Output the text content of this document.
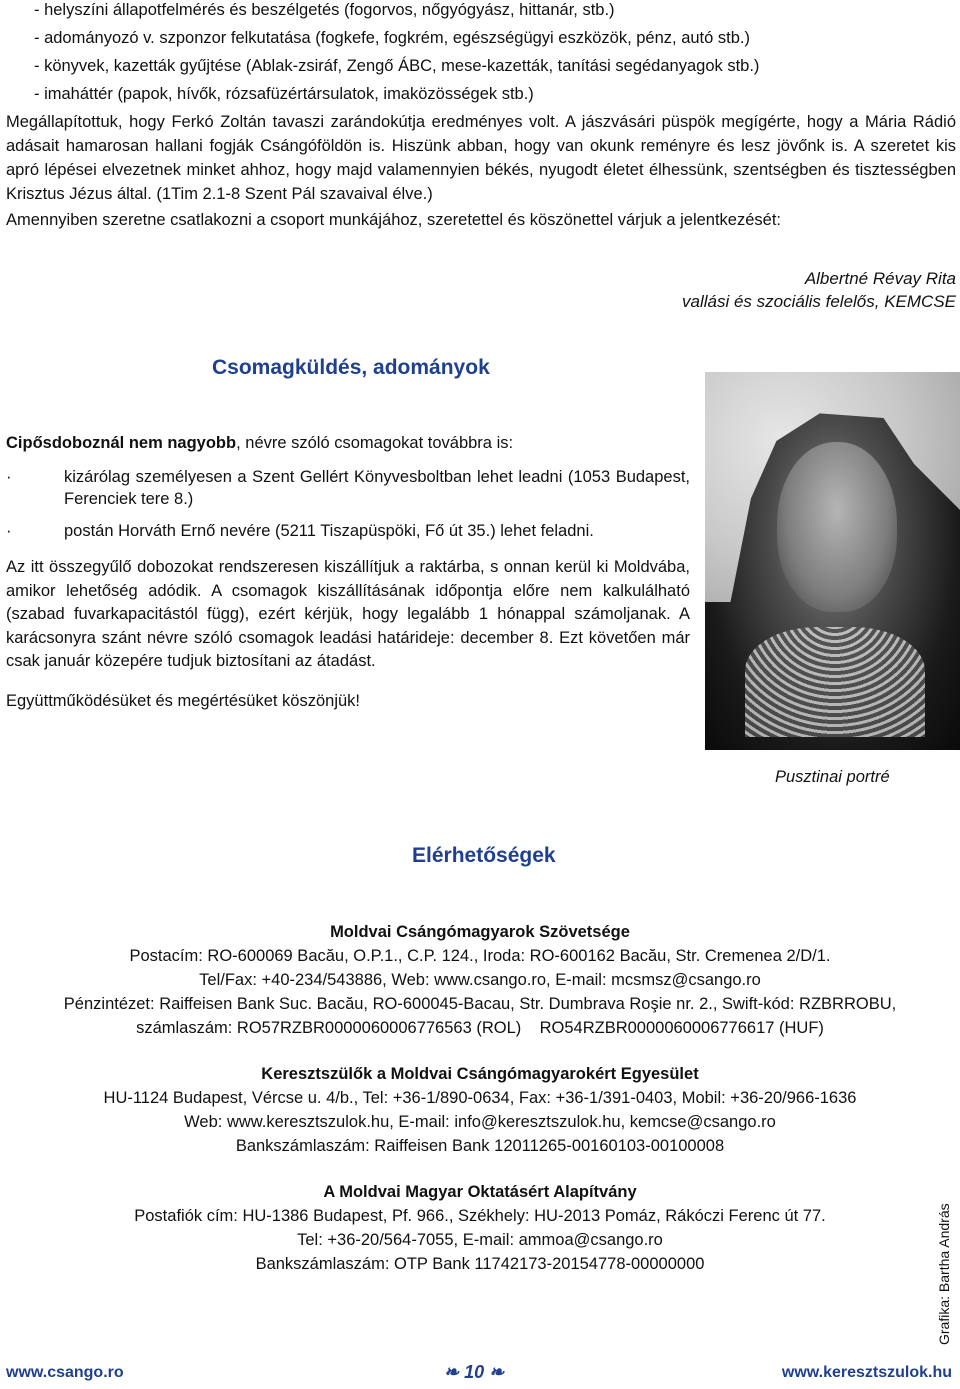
- helyszíni állapotfelmérés és beszélgetés (fogorvos, nőgyógyász, hittanár, stb.)
- adományozó v. szponzor felkutatása (fogkefe, fogkrém, egészségügyi eszközök, pénz, autó stb.)
- könyvek, kazetták gyűjtése (Ablak-zsiráf, Zengő ÁBC, mese-kazetták, tanítási segédanyagok stb.)
- imaháttér (papok, hívők, rózsafüzértársulatok, imaközösségek stb.)
Megállapítottuk, hogy Ferkó Zoltán tavaszi zarándokútja eredményes volt. A jászvásári püspök megígérte, hogy a Mária Rádió adásait hamarosan hallani fogják Csángóföldön is. Hiszünk abban, hogy van okunk reményre és lesz jövőnk is. A szeretet kis apró lépései elvezetnek minket ahhoz, hogy majd valamennyien békés, nyugodt életet élhessünk, szentségben és tisztességben Krisztus Jézus által. (1Tim 2.1-8 Szent Pál szavaival élve.)
Amennyiben szeretne csatlakozni a csoport munkájához, szeretettel és köszönettel várjuk a jelentkezését:
Albertné Révay Rita
vallási és szociális felelős, KEMCSE
Csomagküldés, adományok

Cipősdoboznál nem nagyobb, névre szóló csomagokat továbbra is:

·	kizárólag személyesen a Szent Gellért Könyvesboltban lehet leadni (1053 Budapest, Ferenciek tere 8.)
·	postán Horváth Ernő nevére (5211 Tiszapüspöki, Fő út 35.) lehet feladni.

Az itt összegyűlő dobozokat rendszeresen kiszállítjuk a raktárba, s onnan kerül ki Moldvába, amikor lehetőség adódik. A csomagok kiszállításának időpontja előre nem kalkulálható (szabad fuvarkapacitástól függ), ezért kérjük, hogy legalább 1 hónappal számoljanak. A karácsonyra szánt névre szóló csomagok leadási határideje: december 8. Ezt követően már csak január közepére tudjuk biztosítani az átadást.

Együttműködésüket és megértésüket köszönjük!

Pusztinai portré
Elérhetőségek
Moldvai Csángómagyarok Szövetsége
Postacím: RO-600069 Bacău, O.P.1., C.P. 124., Iroda: RO-600162 Bacău, Str. Cremenea 2/D/1.
Tel/Fax: +40-234/543886, Web: www.csango.ro, E-mail: mcsmsz@csango.ro
Pénzintézet: Raiffeisen Bank Suc. Bacău, RO-600045-Bacau, Str. Dumbrava Roşie nr. 2., Swift-kód: RZBRROBU,
számlaszám: RO57RZBR0000060006776563 (ROL)    RO54RZBR0000060006776617 (HUF)
Keresztszülők a Moldvai Csángómagyarokért Egyesület
HU-1124 Budapest, Vércse u. 4/b., Tel: +36-1/890-0634, Fax: +36-1/391-0403, Mobil: +36-20/966-1636
Web: www.keresztszulok.hu, E-mail: info@keresztszulok.hu, kemcse@csango.ro
Bankszámlaszám: Raiffeisen Bank 12011265-00160103-00100008
A Moldvai Magyar Oktatásért Alapítvány
Postafiók cím: HU-1386 Budapest, Pf. 966., Székhely: HU-2013 Pomáz, Rákóczi Ferenc út 77.
Tel: +36-20/564-7055, E-mail: ammoa@csango.ro
Bankszámlaszám: OTP Bank 11742173-20154778-00000000	Grafika: Bartha András
www.csango.ro	❧ 10 ❧	www.keresztszulok.hu
